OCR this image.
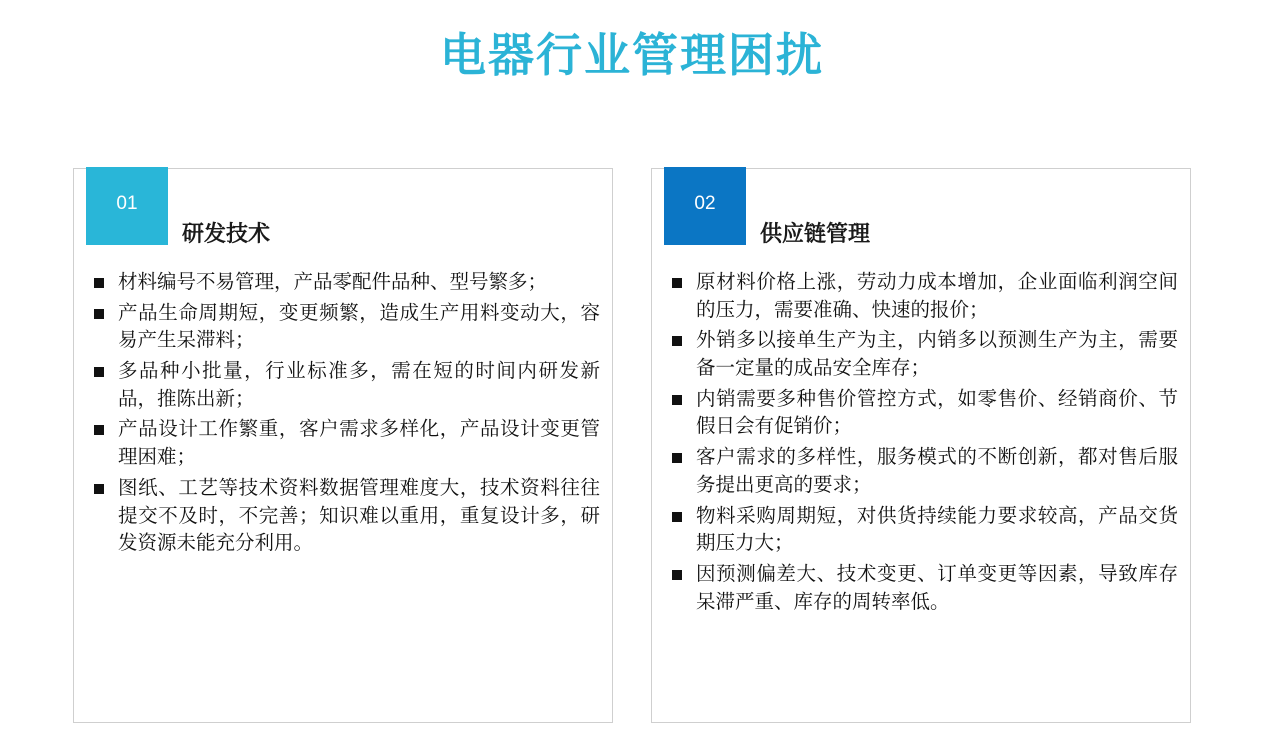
电器行业管理困扰
01
研发技术
材料编号不易管理，产品零配件品种、型号繁多；
产品生命周期短，变更频繁，造成生产用料变动大，容易产生呆滞料；
多品种小批量，行业标准多，需在短的时间内研发新品，推陈出新；
产品设计工作繁重，客户需求多样化，产品设计变更管理困难；
图纸、工艺等技术资料数据管理难度大，技术资料往往提交不及时，不完善；知识难以重用，重复设计多，研发资源未能充分利用。
02
供应链管理
原材料价格上涨，劳动力成本增加，企业面临利润空间的压力，需要准确、快速的报价；
外销多以接单生产为主，内销多以预测生产为主，需要备一定量的成品安全库存；
内销需要多种售价管控方式，如零售价、经销商价、节假日会有促销价；
客户需求的多样性，服务模式的不断创新，都对售后服务提出更高的要求；
物料采购周期短，对供货持续能力要求较高，产品交货期压力大；
因预测偏差大、技术变更、订单变更等因素，导致库存呆滞严重、库存的周转率低。
